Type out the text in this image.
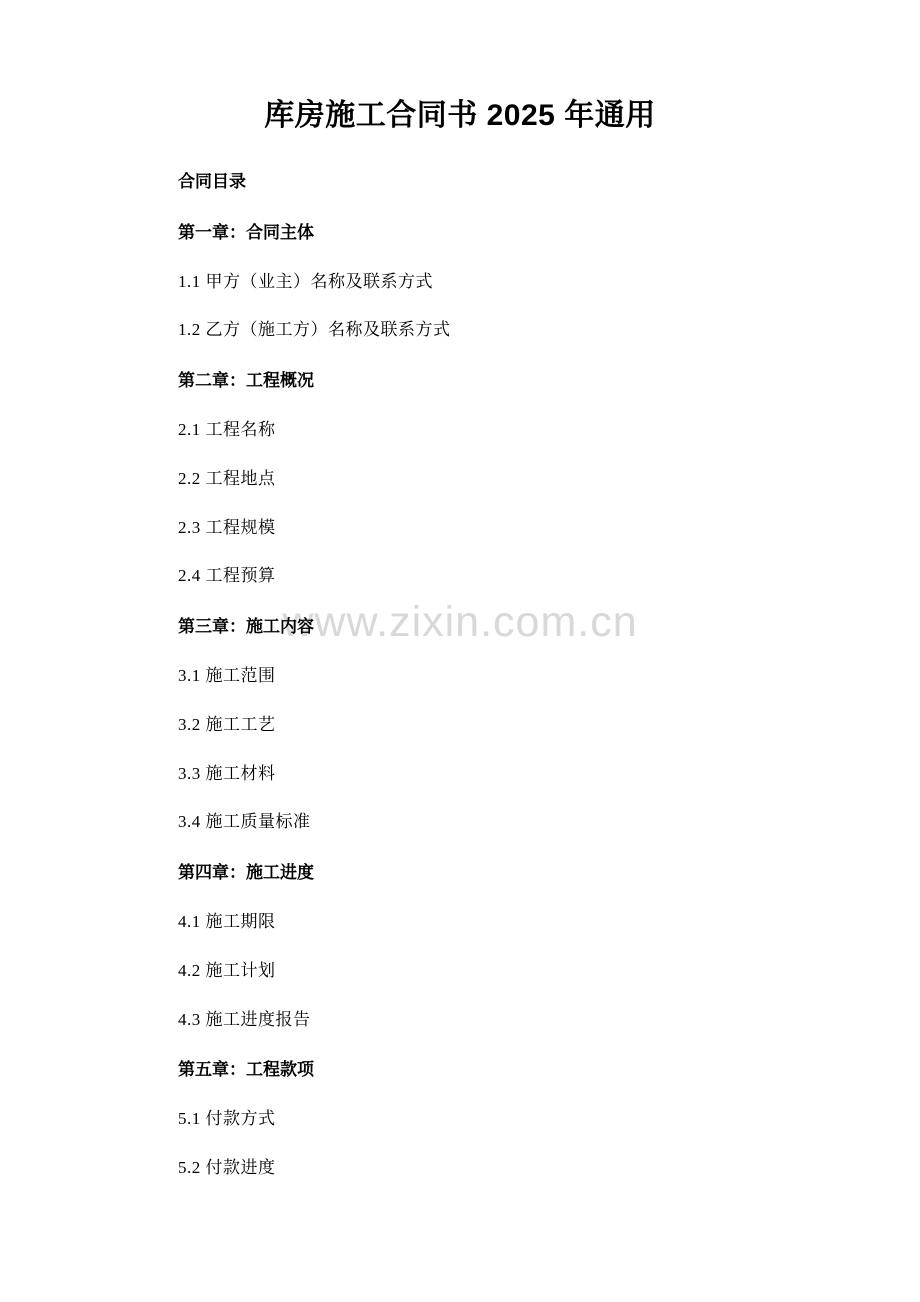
www.zixin.com.cn
库房施工合同书 2025 年通用
合同目录
第一章：合同主体
1.1 甲方（业主）名称及联系方式
1.2 乙方（施工方）名称及联系方式
第二章：工程概况
2.1 工程名称
2.2 工程地点
2.3 工程规模
2.4 工程预算
第三章：施工内容
3.1 施工范围
3.2 施工工艺
3.3 施工材料
3.4 施工质量标准
第四章：施工进度
4.1 施工期限
4.2 施工计划
4.3 施工进度报告
第五章：工程款项
5.1 付款方式
5.2 付款进度
